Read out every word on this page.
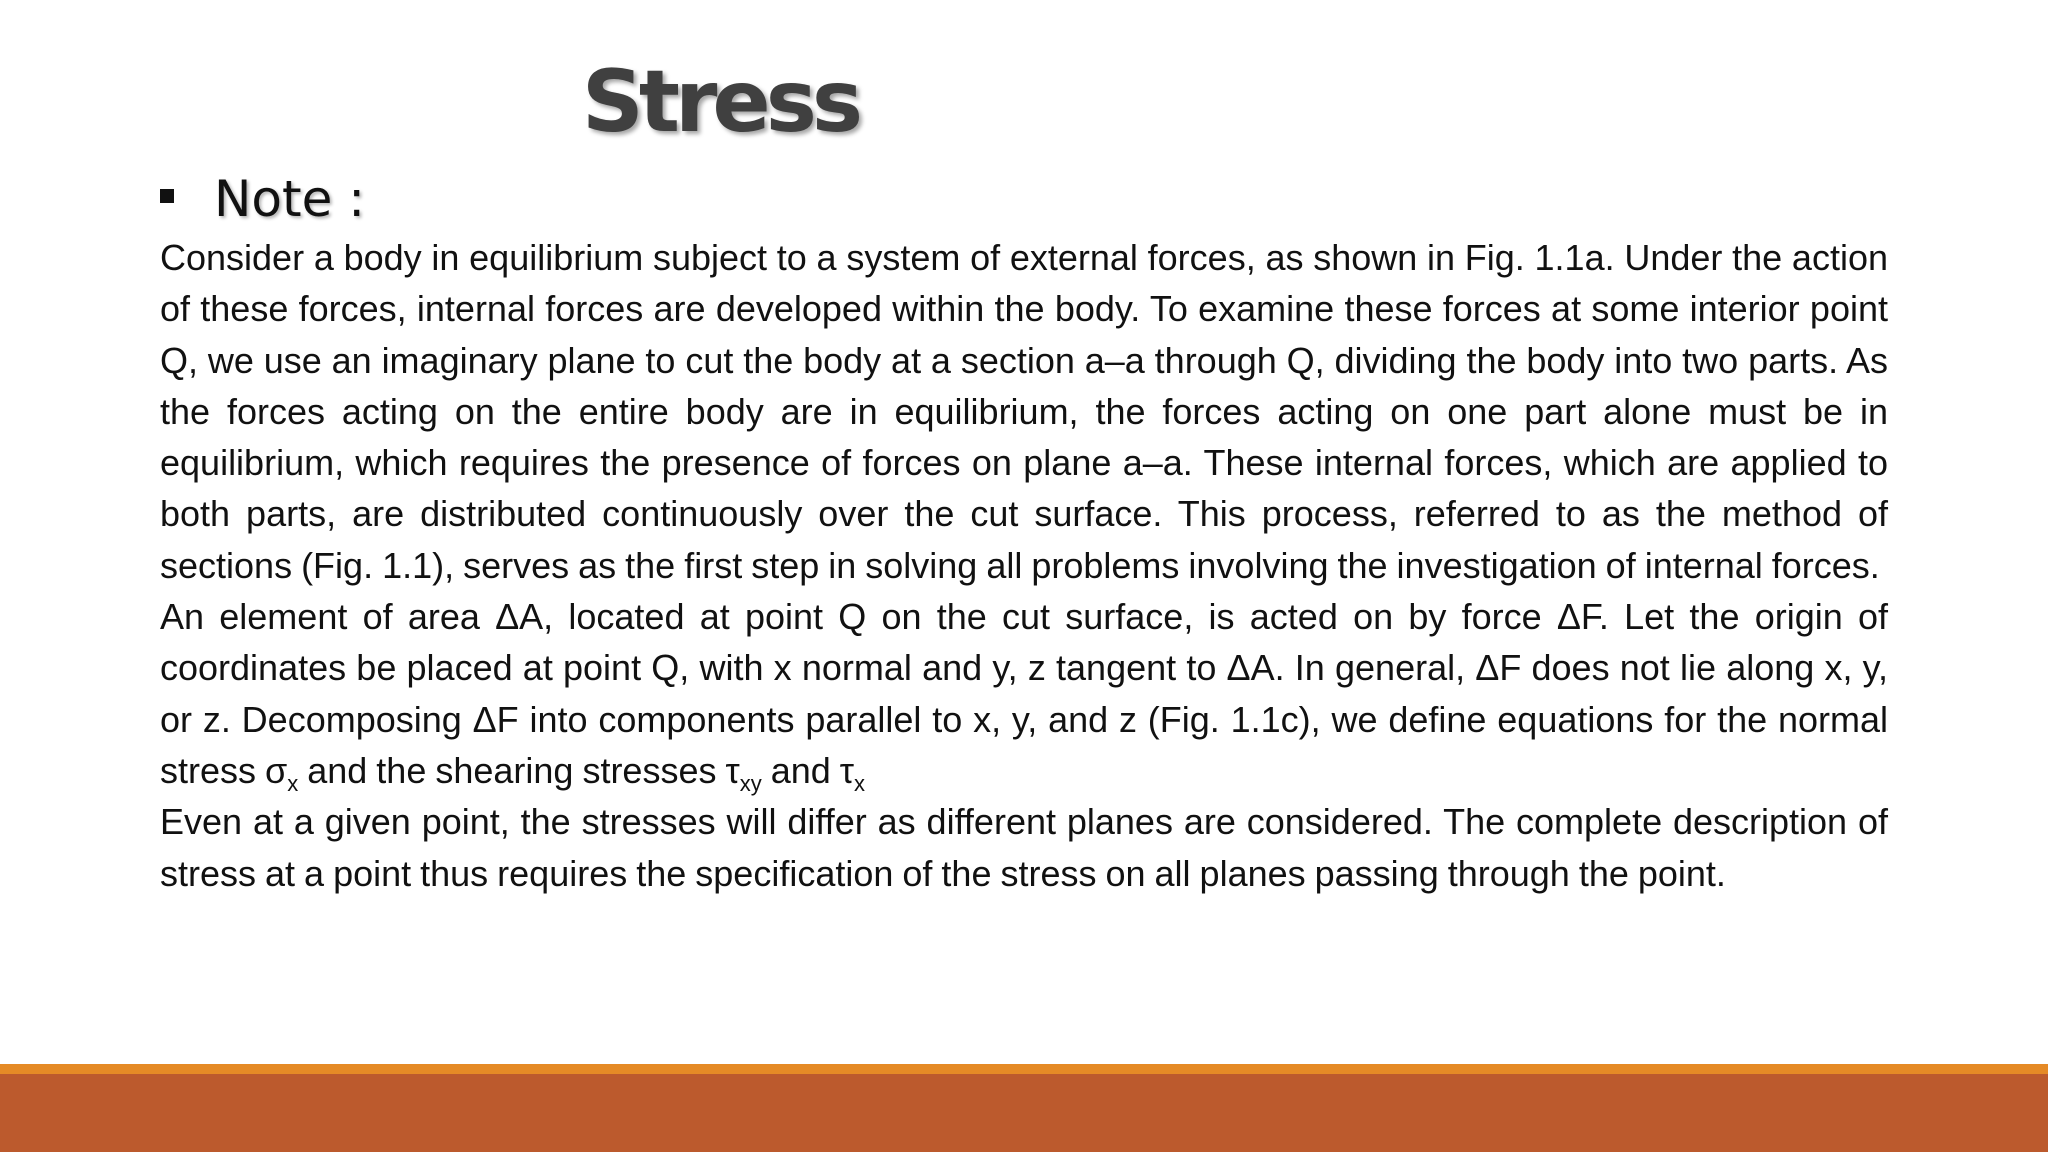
Stress
Note :

Consider a body in equilibrium subject to a system of external forces, as shown in Fig. 1.1a. Under the action of these forces, internal forces are developed within the body. To examine these forces at some interior point Q, we use an imaginary plane to cut the body at a section a–a through Q, dividing the body into two parts. As the forces acting on the entire body are in equilibrium, the forces acting on one part alone must be in equilibrium, which requires the presence of forces on plane a–a. These internal forces, which are applied to both parts, are distributed continuously over the cut surface. This process, referred to as the method of sections (Fig. 1.1), serves as the first step in solving all problems involving the investigation of internal forces.

An element of area ΔA, located at point Q on the cut surface, is acted on by force ΔF. Let the origin of coordinates be placed at point Q, with x normal and y, z tangent to ΔA. In general, ΔF does not lie along x, y, or z. Decomposing ΔF into components parallel to x, y, and z (Fig. 1.1c), we define equations for the normal stress $\sigma_x$ and the shearing stresses $\tau_{xy}$ and $\tau_x$

Even at a given point, the stresses will differ as different planes are considered. The complete description of stress at a point thus requires the specification of the stress on all planes passing through the point.
